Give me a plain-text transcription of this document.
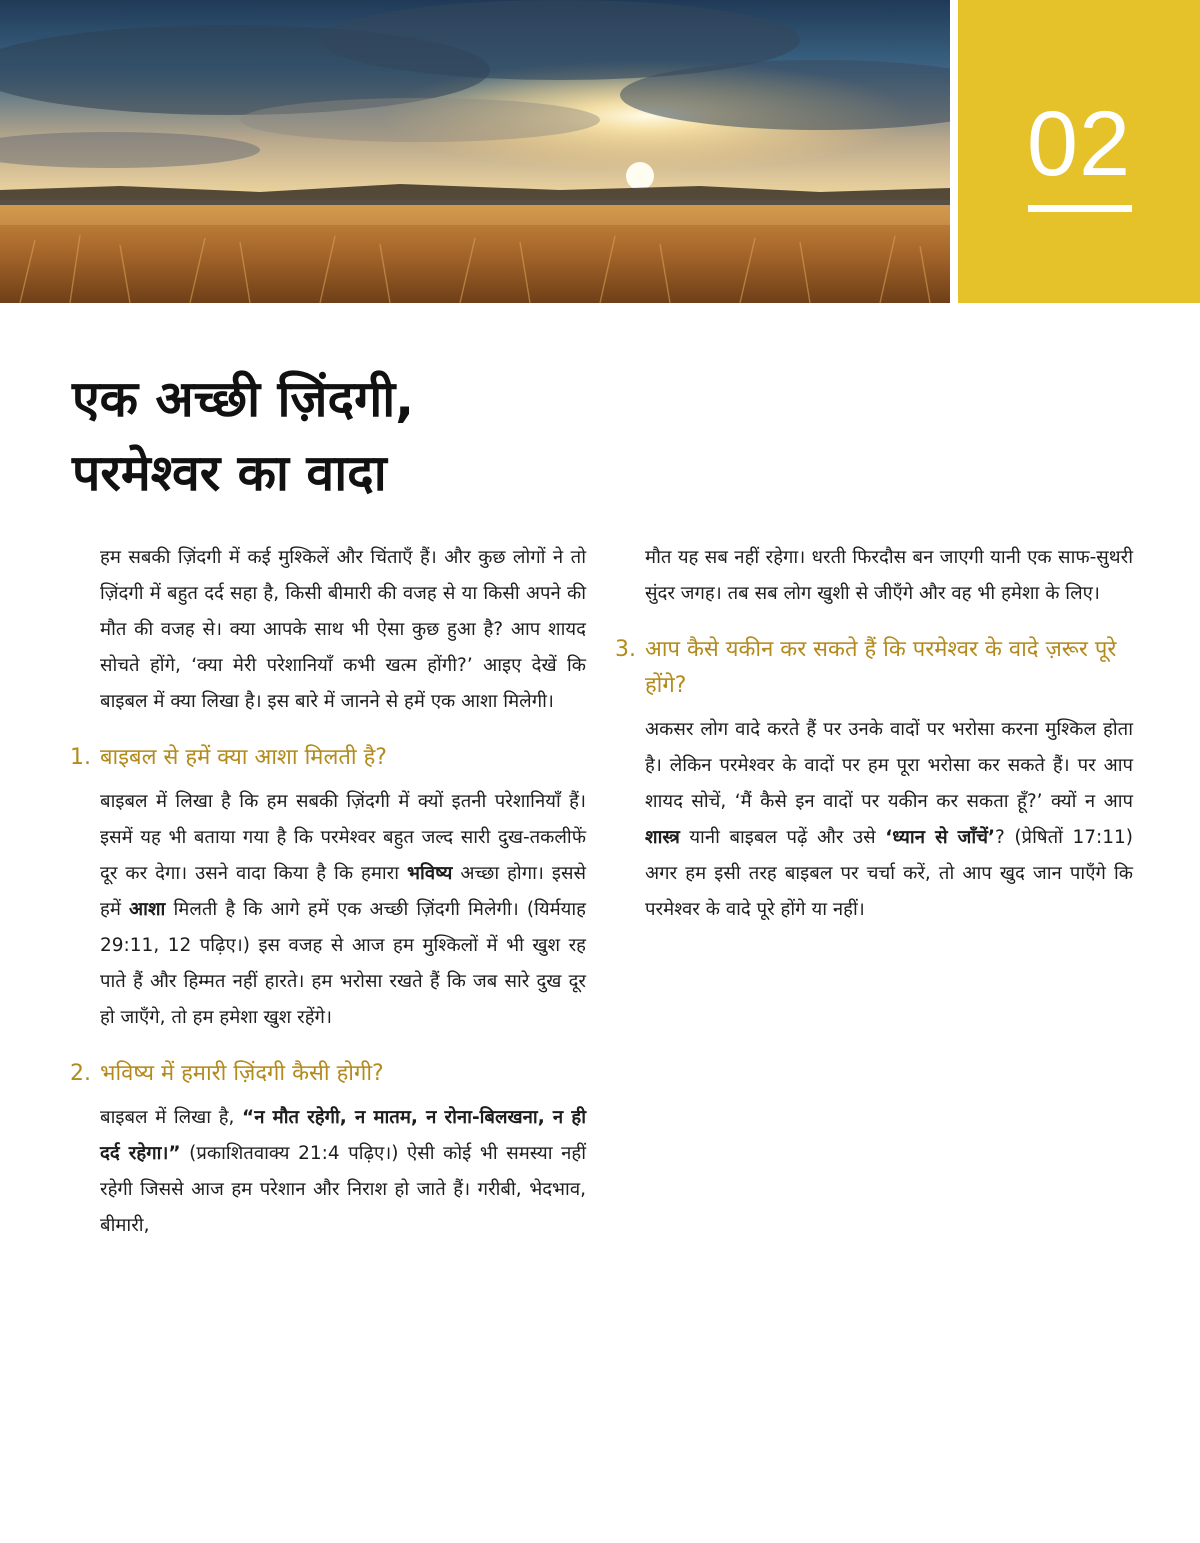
02
एक अच्छी ज़िंदगी,
परमेश्वर का वादा

हम सबकी ज़िंदगी में कई मुश्किलें और चिंताएँ हैं। और कुछ लोगों ने तो ज़िंदगी में बहुत दर्द सहा है, किसी बीमारी की वजह से या किसी अपने की मौत की वजह से। क्या आपके साथ भी ऐसा कुछ हुआ है? आप शायद सोचते होंगे, ‘क्या मेरी परेशानियाँ कभी खत्म होंगी?’ आइए देखें कि बाइबल में क्या लिखा है। इस बारे में जानने से हमें एक आशा मिलेगी।

1. बाइबल से हमें क्या आशा मिलती है?

बाइबल में लिखा है कि हम सबकी ज़िंदगी में क्यों इतनी परेशानियाँ हैं। इसमें यह भी बताया गया है कि परमेश्वर बहुत जल्द सारी दुख-तकलीफें दूर कर देगा। उसने वादा किया है कि हमारा भविष्य अच्छा होगा। इससे हमें आशा मिलती है कि आगे हमें एक अच्छी ज़िंदगी मिलेगी। (यिर्मयाह 29:11, 12 पढ़िए।) इस वजह से आज हम मुश्किलों में भी खुश रह पाते हैं और हिम्मत नहीं हारते। हम भरोसा रखते हैं कि जब सारे दुख दूर हो जाएँगे, तो हम हमेशा खुश रहेंगे।

2. भविष्य में हमारी ज़िंदगी कैसी होगी?

बाइबल में लिखा है, “न मौत रहेगी, न मातम, न रोना-बिलखना, न ही दर्द रहेगा।” (प्रकाशितवाक्य 21:4 पढ़िए।) ऐसी कोई भी समस्या नहीं रहेगी जिससे आज हम परेशान और निराश हो जाते हैं। गरीबी, भेदभाव, बीमारी,

मौत यह सब नहीं रहेगा। धरती फिरदौस बन जाएगी यानी एक साफ-सुथरी सुंदर जगह। तब सब लोग खुशी से जीएँगे और वह भी हमेशा के लिए।

3. आप कैसे यकीन कर सकते हैं कि परमेश्वर के वादे ज़रूर पूरे होंगे?

अकसर लोग वादे करते हैं पर उनके वादों पर भरोसा करना मुश्किल होता है। लेकिन परमेश्वर के वादों पर हम पूरा भरोसा कर सकते हैं। पर आप शायद सोचें, ‘मैं कैसे इन वादों पर यकीन कर सकता हूँ?’ क्यों न आप शास्त्र यानी बाइबल पढ़ें और उसे ‘ध्यान से जाँचें’? (प्रेषितों 17:11) अगर हम इसी तरह बाइबल पर चर्चा करें, तो आप खुद जान पाएँगे कि परमेश्वर के वादे पूरे होंगे या नहीं।
